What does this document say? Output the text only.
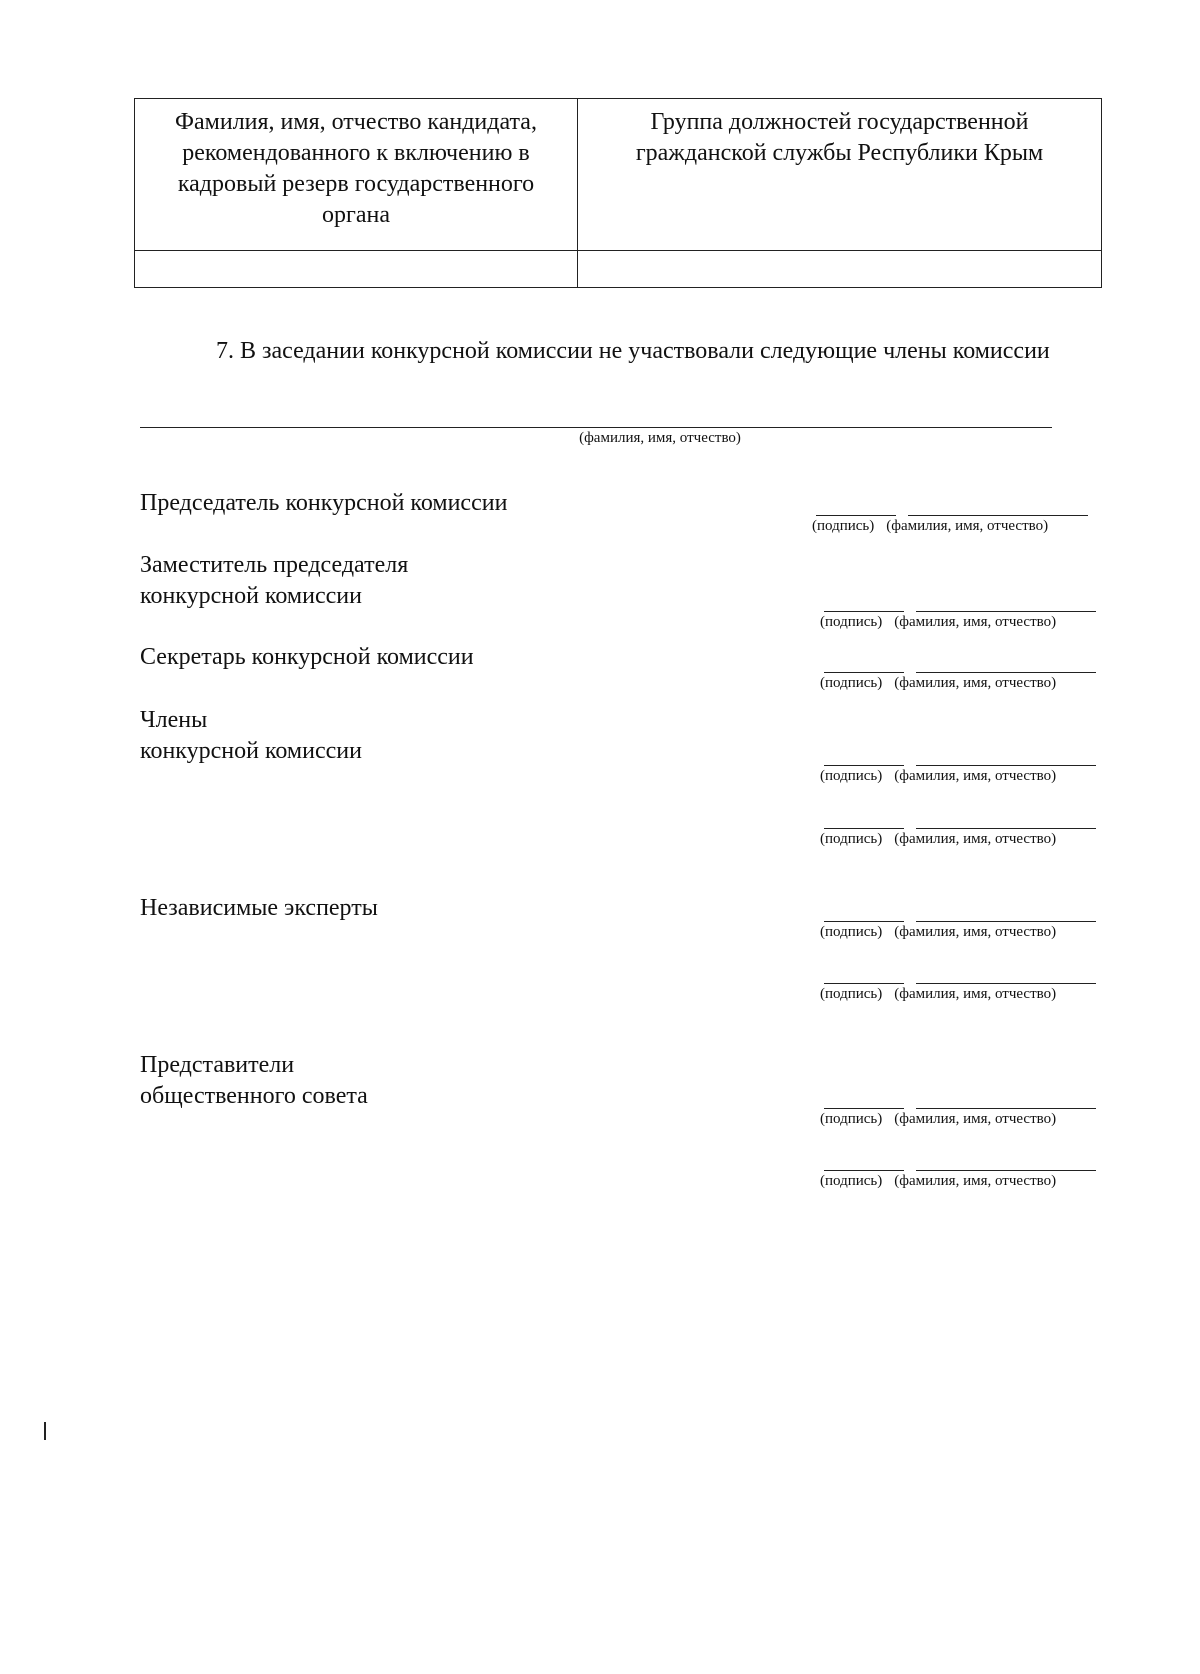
Фамилия, имя, отчество кандидата, рекомендованного к включению в кадровый резерв государственного органа	Группа должностей государственной гражданской службы Республики Крым

7. В заседании конкурсной комиссии не участвовали следующие члены комиссии
(фамилия, имя, отчество)
Председатель конкурсной комиссии
(подпись) (фамилия, имя, отчество)
Заместитель председателя
конкурсной комиссии
(подпись) (фамилия, имя, отчество)
Секретарь конкурсной комиссии
(подпись) (фамилия, имя, отчество)
Члены
конкурсной комиссии
(подпись) (фамилия, имя, отчество)
(подпись) (фамилия, имя, отчество)
Независимые эксперты
(подпись) (фамилия, имя, отчество)
(подпись) (фамилия, имя, отчество)
Представители
общественного совета
(подпись) (фамилия, имя, отчество)
(подпись) (фамилия, имя, отчество)
